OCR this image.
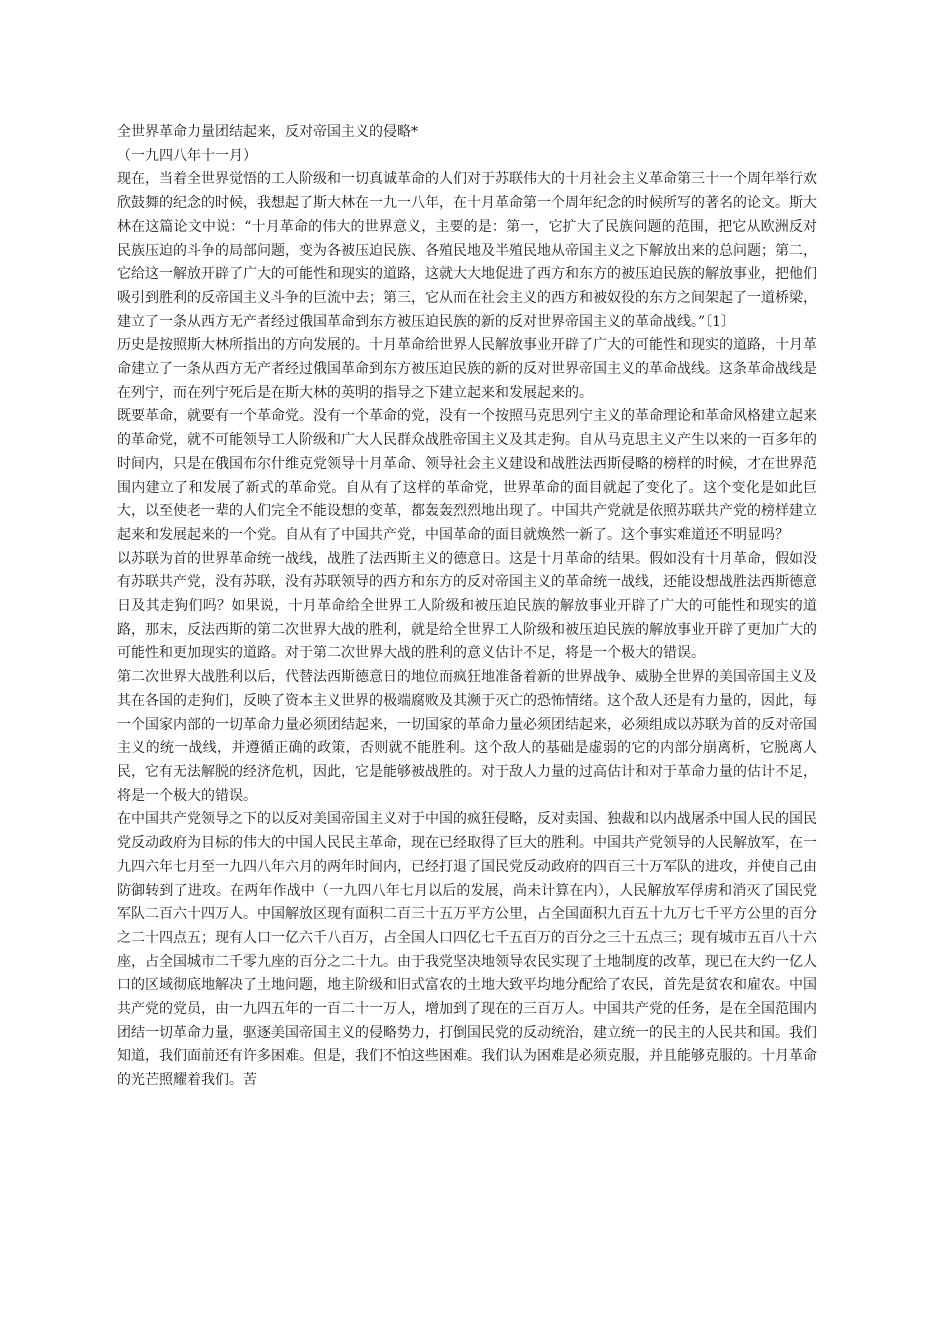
全世界革命力量团结起来，反对帝国主义的侵略*

（一九四八年十一月）

现在，当着全世界觉悟的工人阶级和一切真诚革命的人们对于苏联伟大的十月社会主义革命第三十一个周年举行欢欣鼓舞的纪念的时候，我想起了斯大林在一九一八年，在十月革命第一个周年纪念的时候所写的著名的论文。斯大林在这篇论文中说：“十月革命的伟大的世界意义，主要的是：第一，它扩大了民族问题的范围，把它从欧洲反对民族压迫的斗争的局部问题，变为各被压迫民族、各殖民地及半殖民地从帝国主义之下解放出来的总问题；第二，它给这一解放开辟了广大的可能性和现实的道路，这就大大地促进了西方和东方的被压迫民族的解放事业，把他们吸引到胜利的反帝国主义斗争的巨流中去；第三，它从而在社会主义的西方和被奴役的东方之间架起了一道桥梁，建立了一条从西方无产者经过俄国革命到东方被压迫民族的新的反对世界帝国主义的革命战线。”〔1〕

历史是按照斯大林所指出的方向发展的。十月革命给世界人民解放事业开辟了广大的可能性和现实的道路，十月革命建立了一条从西方无产者经过俄国革命到东方被压迫民族的新的反对世界帝国主义的革命战线。这条革命战线是在列宁，而在列宁死后是在斯大林的英明的指导之下建立起来和发展起来的。

既要革命，就要有一个革命党。没有一个革命的党，没有一个按照马克思列宁主义的革命理论和革命风格建立起来的革命党，就不可能领导工人阶级和广大人民群众战胜帝国主义及其走狗。自从马克思主义产生以来的一百多年的时间内，只是在俄国布尔什维克党领导十月革命、领导社会主义建设和战胜法西斯侵略的榜样的时候，才在世界范围内建立了和发展了新式的革命党。自从有了这样的革命党，世界革命的面目就起了变化了。这个变化是如此巨大，以至使老一辈的人们完全不能设想的变革，都轰轰烈烈地出现了。中国共产党就是依照苏联共产党的榜样建立起来和发展起来的一个党。自从有了中国共产党，中国革命的面目就焕然一新了。这个事实难道还不明显吗？

以苏联为首的世界革命统一战线，战胜了法西斯主义的德意日。这是十月革命的结果。假如没有十月革命，假如没有苏联共产党，没有苏联，没有苏联领导的西方和东方的反对帝国主义的革命统一战线，还能设想战胜法西斯德意日及其走狗们吗？如果说，十月革命给全世界工人阶级和被压迫民族的解放事业开辟了广大的可能性和现实的道路，那末，反法西斯的第二次世界大战的胜利，就是给全世界工人阶级和被压迫民族的解放事业开辟了更加广大的可能性和更加现实的道路。对于第二次世界大战的胜利的意义估计不足，将是一个极大的错误。

第二次世界大战胜利以后，代替法西斯德意日的地位而疯狂地准备着新的世界战争、威胁全世界的美国帝国主义及其在各国的走狗们，反映了资本主义世界的极端腐败及其濒于灭亡的恐怖情绪。这个敌人还是有力量的，因此，每一个国家内部的一切革命力量必须团结起来，一切国家的革命力量必须团结起来，必须组成以苏联为首的反对帝国主义的统一战线，并遵循正确的政策，否则就不能胜利。这个敌人的基础是虚弱的它的内部分崩离析，它脱离人民，它有无法解脱的经济危机，因此，它是能够被战胜的。对于敌人力量的过高估计和对于革命力量的估计不足，将是一个极大的错误。

在中国共产党领导之下的以反对美国帝国主义对于中国的疯狂侵略，反对卖国、独裁和以内战屠杀中国人民的国民党反动政府为目标的伟大的中国人民民主革命，现在已经取得了巨大的胜利。中国共产党领导的人民解放军，在一九四六年七月至一九四八年六月的两年时间内，已经打退了国民党反动政府的四百三十万军队的进攻，并使自己由防御转到了进攻。在两年作战中（一九四八年七月以后的发展，尚未计算在内），人民解放军俘虏和消灭了国民党军队二百六十四万人。中国解放区现有面积二百三十五万平方公里，占全国面积九百五十九万七千平方公里的百分之二十四点五；现有人口一亿六千八百万，占全国人口四亿七千五百万的百分之三十五点三；现有城市五百八十六座，占全国城市二千零九座的百分之二十九。由于我党坚决地领导农民实现了土地制度的改革，现已在大约一亿人口的区域彻底地解决了土地问题，地主阶级和旧式富农的土地大致平均地分配给了农民，首先是贫农和雇农。中国共产党的党员，由一九四五年的一百二十一万人，增加到了现在的三百万人。中国共产党的任务，是在全国范围内团结一切革命力量，驱逐美国帝国主义的侵略势力，打倒国民党的反动统治，建立统一的民主的人民共和国。我们知道，我们面前还有许多困难。但是，我们不怕这些困难。我们认为困难是必须克服，并且能够克服的。十月革命的光芒照耀着我们。苦
